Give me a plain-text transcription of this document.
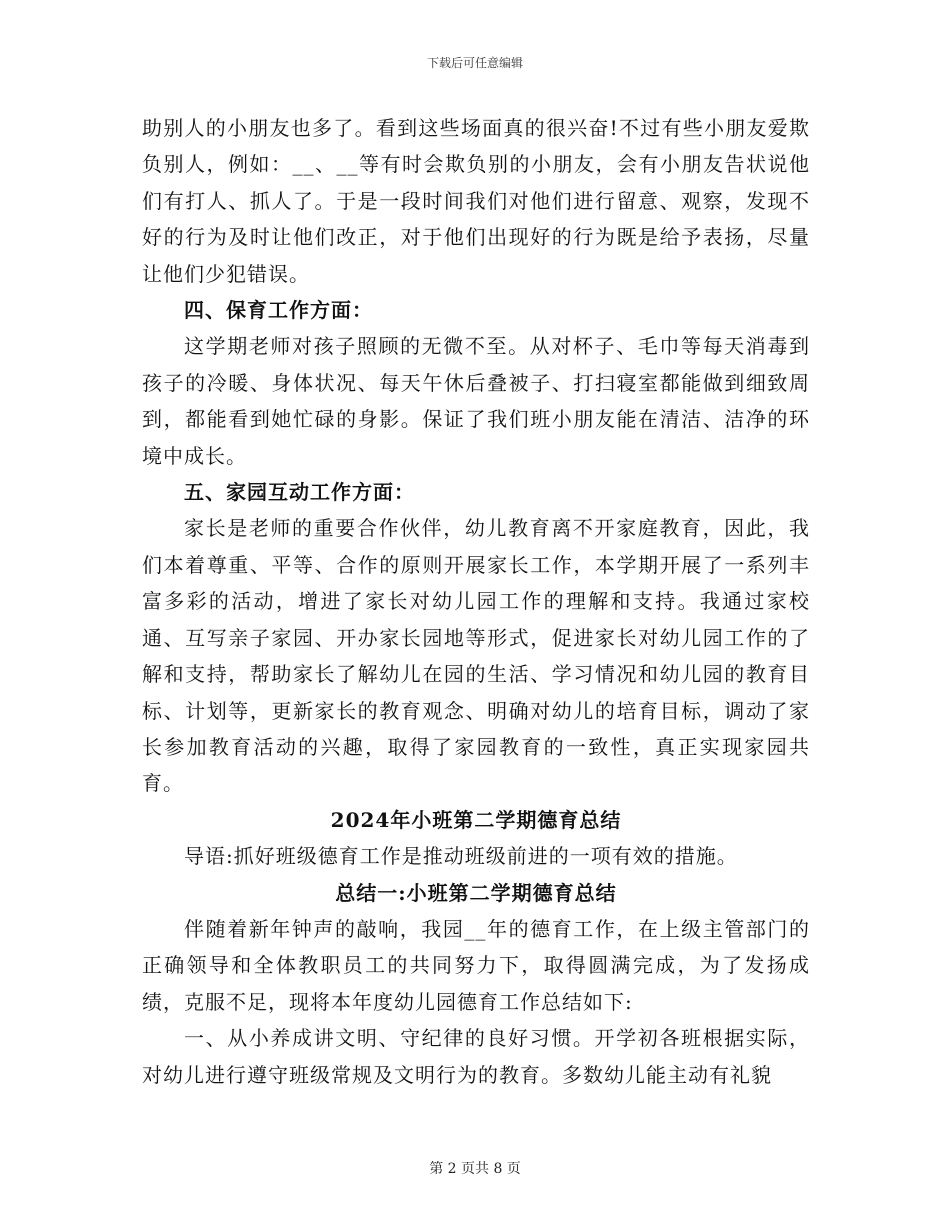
下载后可任意编辑

助别人的小朋友也多了。看到这些场面真的很兴奋!不过有些小朋友爱欺负别人，例如：__、__等有时会欺负别的小朋友，会有小朋友告状说他们有打人、抓人了。于是一段时间我们对他们进行留意、观察，发现不好的行为及时让他们改正，对于他们出现好的行为既是给予表扬，尽量让他们少犯错误。

四、保育工作方面：

这学期老师对孩子照顾的无微不至。从对杯子、毛巾等每天消毒到孩子的冷暖、身体状况、每天午休后叠被子、打扫寝室都能做到细致周到，都能看到她忙碌的身影。保证了我们班小朋友能在清洁、洁净的环境中成长。

五、家园互动工作方面：

家长是老师的重要合作伙伴，幼儿教育离不开家庭教育，因此，我们本着尊重、平等、合作的原则开展家长工作，本学期开展了一系列丰富多彩的活动，增进了家长对幼儿园工作的理解和支持。我通过家校通、互写亲子家园、开办家长园地等形式，促进家长对幼儿园工作的了解和支持，帮助家长了解幼儿在园的生活、学习情况和幼儿园的教育目标、计划等，更新家长的教育观念、明确对幼儿的培育目标，调动了家长参加教育活动的兴趣，取得了家园教育的一致性，真正实现家园共育。

2024年小班第二学期德育总结

导语:抓好班级德育工作是推动班级前进的一项有效的措施。

总结一:小班第二学期德育总结

伴随着新年钟声的敲响，我园__年的德育工作，在上级主管部门的正确领导和全体教职员工的共同努力下，取得圆满完成，为了发扬成绩，克服不足，现将本年度幼儿园德育工作总结如下:

一、从小养成讲文明、守纪律的良好习惯。开学初各班根据实际，对幼儿进行遵守班级常规及文明行为的教育。多数幼儿能主动有礼貌

第 2 页共 8 页
